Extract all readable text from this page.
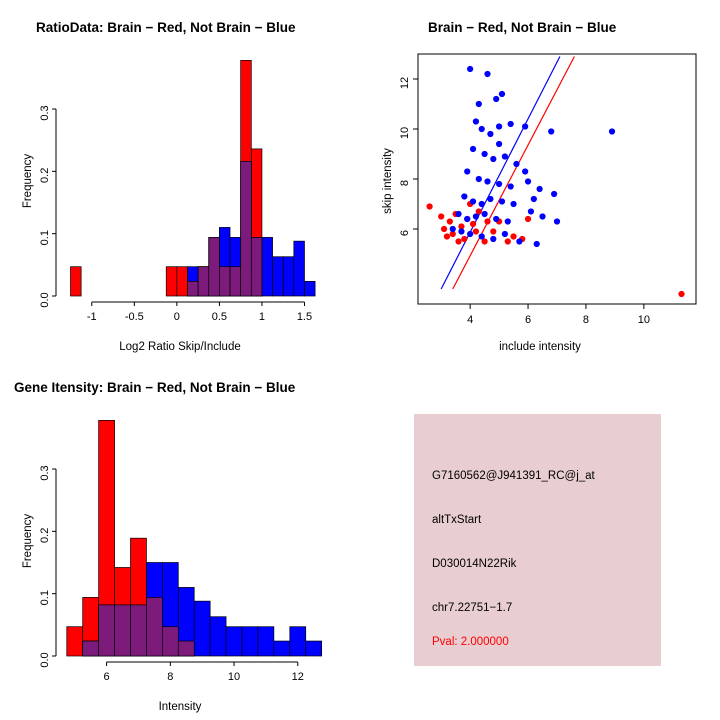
RatioData: Brain − Red, Not Brain − Blue
0.0
0.1
0.2
0.3
-1	-0.5	0	0.5	1	1.5
Log2 Ratio Skip/Include
Frequency
Brain − Red, Not Brain − Blue
6
8
10
12
4	6	8	10
include intensity
skip intensity
Gene Itensity: Brain − Red, Not Brain − Blue
0.0
0.1
0.2
0.3
6	8	10	12
Intensity
Frequency
G7160562@J941391_RC@j_at
altTxStart
D030014N22Rik
chr7.22751−1.7
Pval: 2.000000
